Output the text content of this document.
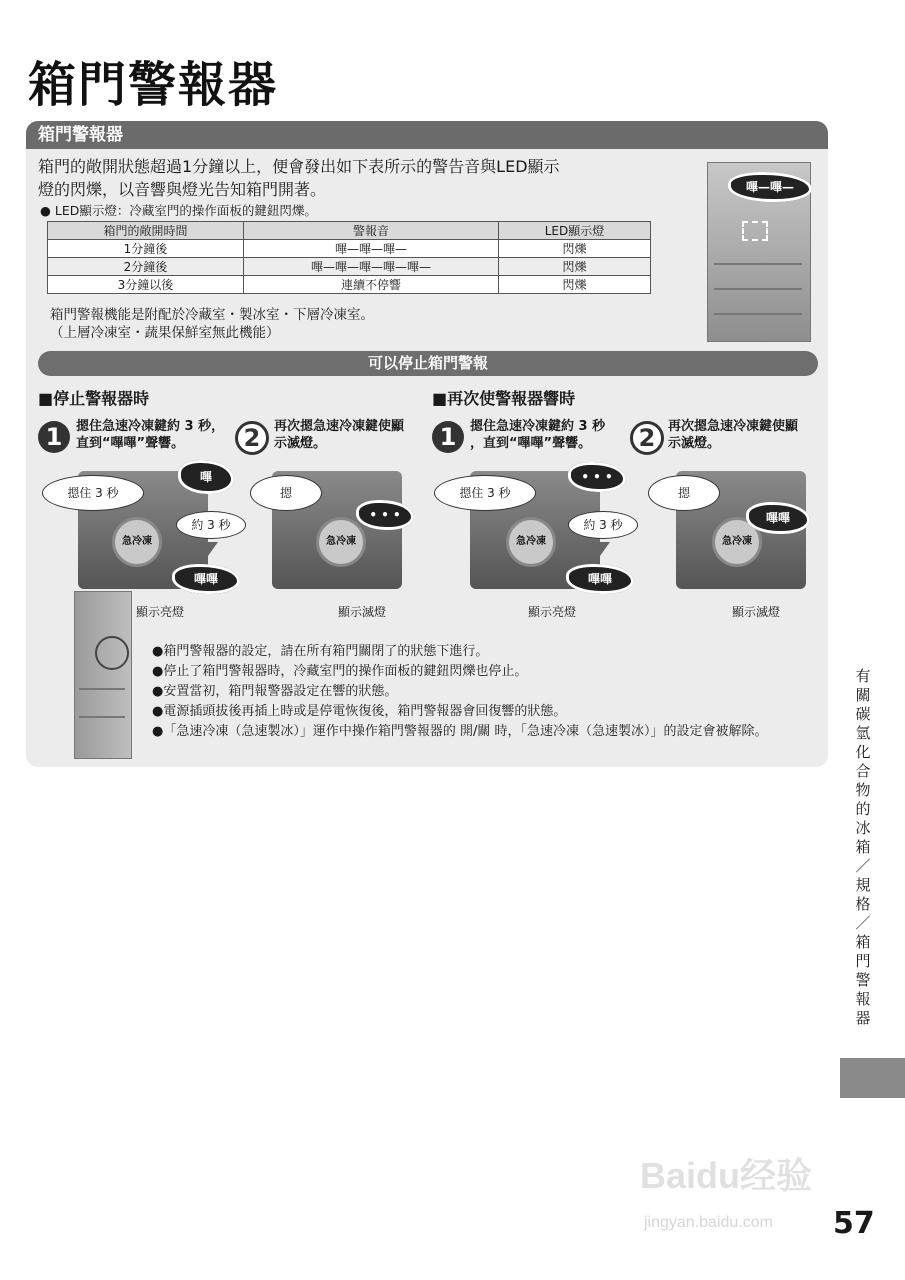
箱門警報器
箱門警報器
箱門的敞開狀態超過1分鐘以上，便會發出如下表所示的警告音與LED顯示
燈的閃爍，以音響與燈光告知箱門開著。
● LED顯示燈：冷藏室門的操作面板的鍵鈕閃爍。
箱門的敞開時間	警報音	LED顯示燈
1分鐘後	嗶—嗶—嗶—	閃爍
2分鐘後	嗶—嗶—嗶—嗶—嗶—	閃爍
3分鐘以後	連續不停響	閃爍
箱門警報機能是附配於冷藏室・製冰室・下層冷凍室。
（上層冷凍室・蔬果保鮮室無此機能）
嗶—嗶—
可以停止箱門警報
■停止警報器時	■再次使警報器響時
1	摁住急速冷凍鍵約 3 秒，
直到“嗶嗶”聲響。	2	再次摁急速冷凍鍵使顯
示滅燈。	1	摁住急速冷凍鍵約 3 秒
，直到“嗶嗶”聲響。	2 再次摁急速冷凍鍵使顯
示滅燈。
摁住 3 秒
嗶
急冷凍
約 3 秒
嗶嗶
顯示亮燈
摁
急冷凍
• • •
顯示滅燈
摁住 3 秒
• • •
急冷凍
約 3 秒
嗶嗶
顯示亮燈
摁
急冷凍
嗶嗶
顯示滅燈
●箱門警報器的設定，請在所有箱門關閉了的狀態下進行。
●停止了箱門警報器時，冷藏室門的操作面板的鍵鈕閃爍也停止。
●安置當初，箱門報警器設定在響的狀態。
●電源插頭拔後再插上時或是停電恢復後，箱門警報器會回復響的狀態。
●「急速冷凍（急速製冰）」運作中操作箱門警報器的 開/關 時，「急速冷凍（急速製冰）」的設定會被解除。
有關碳氫化合物的冰箱／規格　／　箱門警報器
Baidu经验
jingyan.baidu.com 57
